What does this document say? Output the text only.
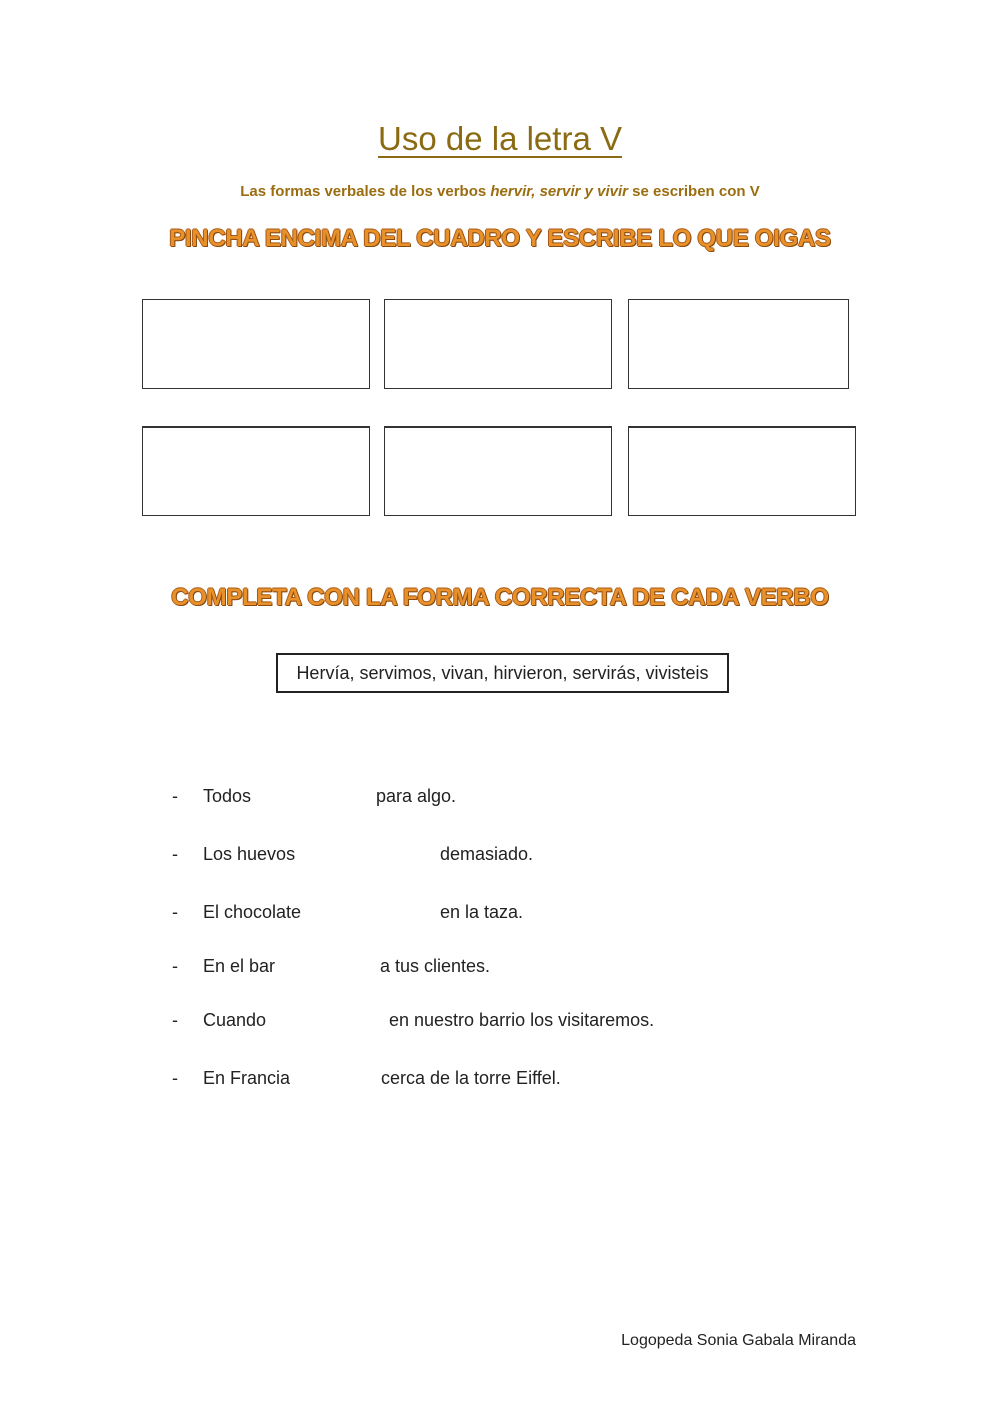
Uso de la letra V
Las formas verbales de los verbos hervir, servir y vivir se escriben con V
PINCHA ENCIMA DEL CUADRO Y ESCRIBE LO QUE OIGAS
COMPLETA CON LA FORMA CORRECTA DE CADA VERBO
Hervía, servimos, vivan, hirvieron, servirás, vivisteis
- Todos	para algo.
- Los huevos	demasiado.
- El chocolate	en la taza.
- En el bar	a tus clientes.
- Cuando	en nuestro barrio los visitaremos.
- En Francia	cerca de la torre Eiffel.
Logopeda Sonia Gabala Miranda
